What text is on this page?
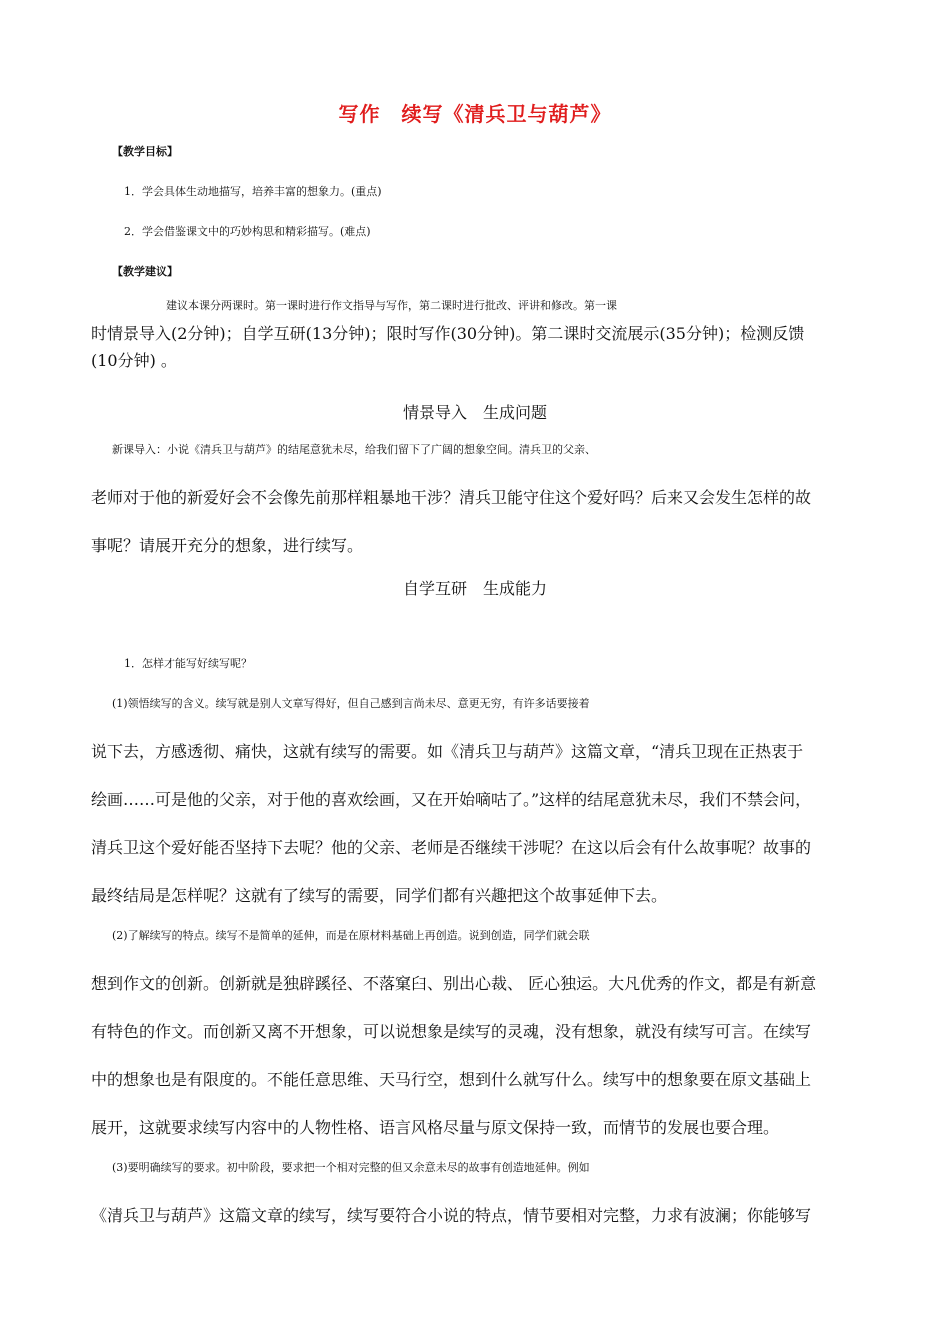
写作　续写《清兵卫与葫芦》
【教学目标】
1．学会具体生动地描写，培养丰富的想象力。(重点)
2．学会借鉴课文中的巧妙构思和精彩描写。(难点)
【教学建议】
建议本课分两课时。第一课时进行作文指导与写作，第二课时进行批改、评讲和修改。第一课
时情景导入(2分钟)；自学互研(13分钟)；限时写作(30分钟)。第二课时交流展示(35分钟)；检测反馈
(10分钟) 。
情景导入　生成问题
新课导入：小说《清兵卫与葫芦》的结尾意犹未尽，给我们留下了广阔的想象空间。清兵卫的父亲、
老师对于他的新爱好会不会像先前那样粗暴地干涉？清兵卫能守住这个爱好吗？后来又会发生怎样的故
事呢？请展开充分的想象，进行续写。
自学互研　生成能力
1．怎样才能写好续写呢？
(1)领悟续写的含义。续写就是别人文章写得好，但自己感到言尚未尽、意更无穷，有许多话要接着
说下去，方感透彻、痛快，这就有续写的需要。如《清兵卫与葫芦》这篇文章，“清兵卫现在正热衷于
绘画……可是他的父亲，对于他的喜欢绘画，又在开始嘀咕了。”这样的结尾意犹未尽，我们不禁会问，
清兵卫这个爱好能否坚持下去呢？他的父亲、老师是否继续干涉呢？在这以后会有什么故事呢？故事的
最终结局是怎样呢？这就有了续写的需要，同学们都有兴趣把这个故事延伸下去。
(2)了解续写的特点。续写不是简单的延伸，而是在原材料基础上再创造。说到创造，同学们就会联
想到作文的创新。创新就是独辟蹊径、不落窠臼、别出心裁、 匠心独运。大凡优秀的作文，都是有新意
有特色的作文。而创新又离不开想象，可以说想象是续写的灵魂，没有想象，就没有续写可言。在续写
中的想象也是有限度的。不能任意思维、天马行空，想到什么就写什么。续写中的想象要在原文基础上
展开，这就要求续写内容中的人物性格、语言风格尽量与原文保持一致，而情节的发展也要合理。
(3)要明确续写的要求。初中阶段，要求把一个相对完整的但又余意未尽的故事有创造地延伸。例如
《清兵卫与葫芦》这篇文章的续写，续写要符合小说的特点，情节要相对完整，力求有波澜；你能够写
